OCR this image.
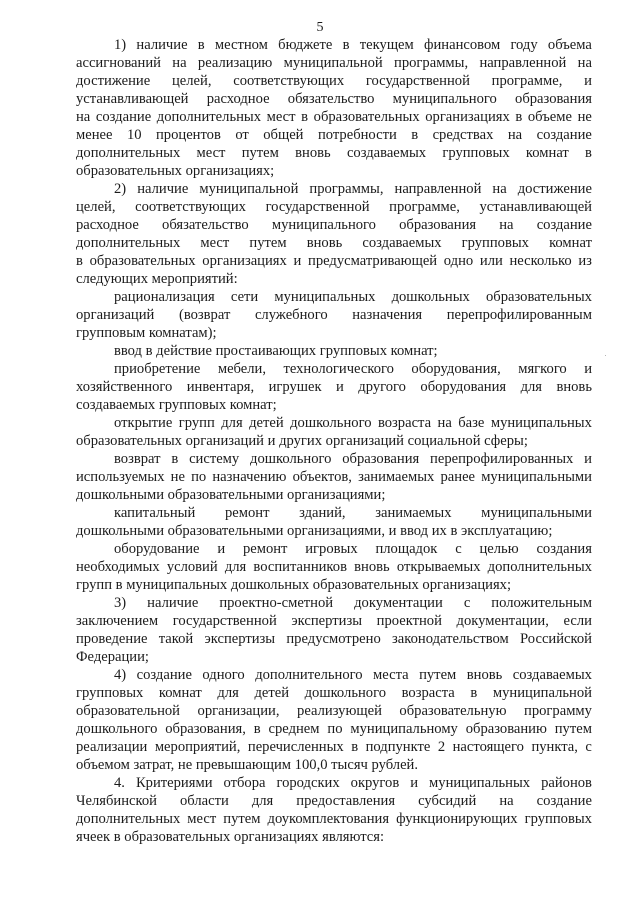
5
1) наличие в местном бюджете в текущем финансовом году объема
ассигнований на реализацию муниципальной программы, направленной на
достижение целей, соответствующих государственной программе, и
устанавливающей расходное обязательство муниципального образования
на создание дополнительных мест в образовательных организациях в объеме не
менее 10 процентов от общей потребности в средствах на создание
дополнительных мест путем вновь создаваемых групповых комнат в
образовательных организациях;
2) наличие муниципальной программы, направленной на достижение
целей, соответствующих государственной программе, устанавливающей
расходное обязательство муниципального образования на создание
дополнительных мест путем вновь создаваемых групповых комнат
в образовательных организациях и предусматривающей одно или несколько из
следующих мероприятий:
рационализация сети муниципальных дошкольных образовательных
организаций (возврат служебного назначения перепрофилированным
групповым комнатам);
ввод в действие простаивающих групповых комнат;
приобретение мебели, технологического оборудования, мягкого и
хозяйственного инвентаря, игрушек и другого оборудования для вновь
создаваемых групповых комнат;
открытие групп для детей дошкольного возраста на базе муниципальных
образовательных организаций и других организаций социальной сферы;
возврат в систему дошкольного образования перепрофилированных и
используемых не по назначению объектов, занимаемых ранее муниципальными
дошкольными образовательными организациями;
капитальный ремонт зданий, занимаемых муниципальными
дошкольными образовательными организациями, и ввод их в эксплуатацию;
оборудование и ремонт игровых площадок с целью создания
необходимых условий для воспитанников вновь открываемых дополнительных
групп в муниципальных дошкольных образовательных организациях;
3) наличие проектно-сметной документации с положительным
заключением государственной экспертизы проектной документации, если
проведение такой экспертизы предусмотрено законодательством Российской
Федерации;
4) создание одного дополнительного места путем вновь создаваемых
групповых комнат для детей дошкольного возраста в муниципальной
образовательной организации, реализующей образовательную программу
дошкольного образования, в среднем по муниципальному образованию путем
реализации мероприятий, перечисленных в подпункте 2 настоящего пункта, с
объемом затрат, не превышающим 100,0 тысяч рублей.
4. Критериями отбора городских округов и муниципальных районов
Челябинской области для предоставления субсидий на создание
дополнительных мест путем доукомплектования функционирующих групповых
ячеек в образовательных организациях являются:
